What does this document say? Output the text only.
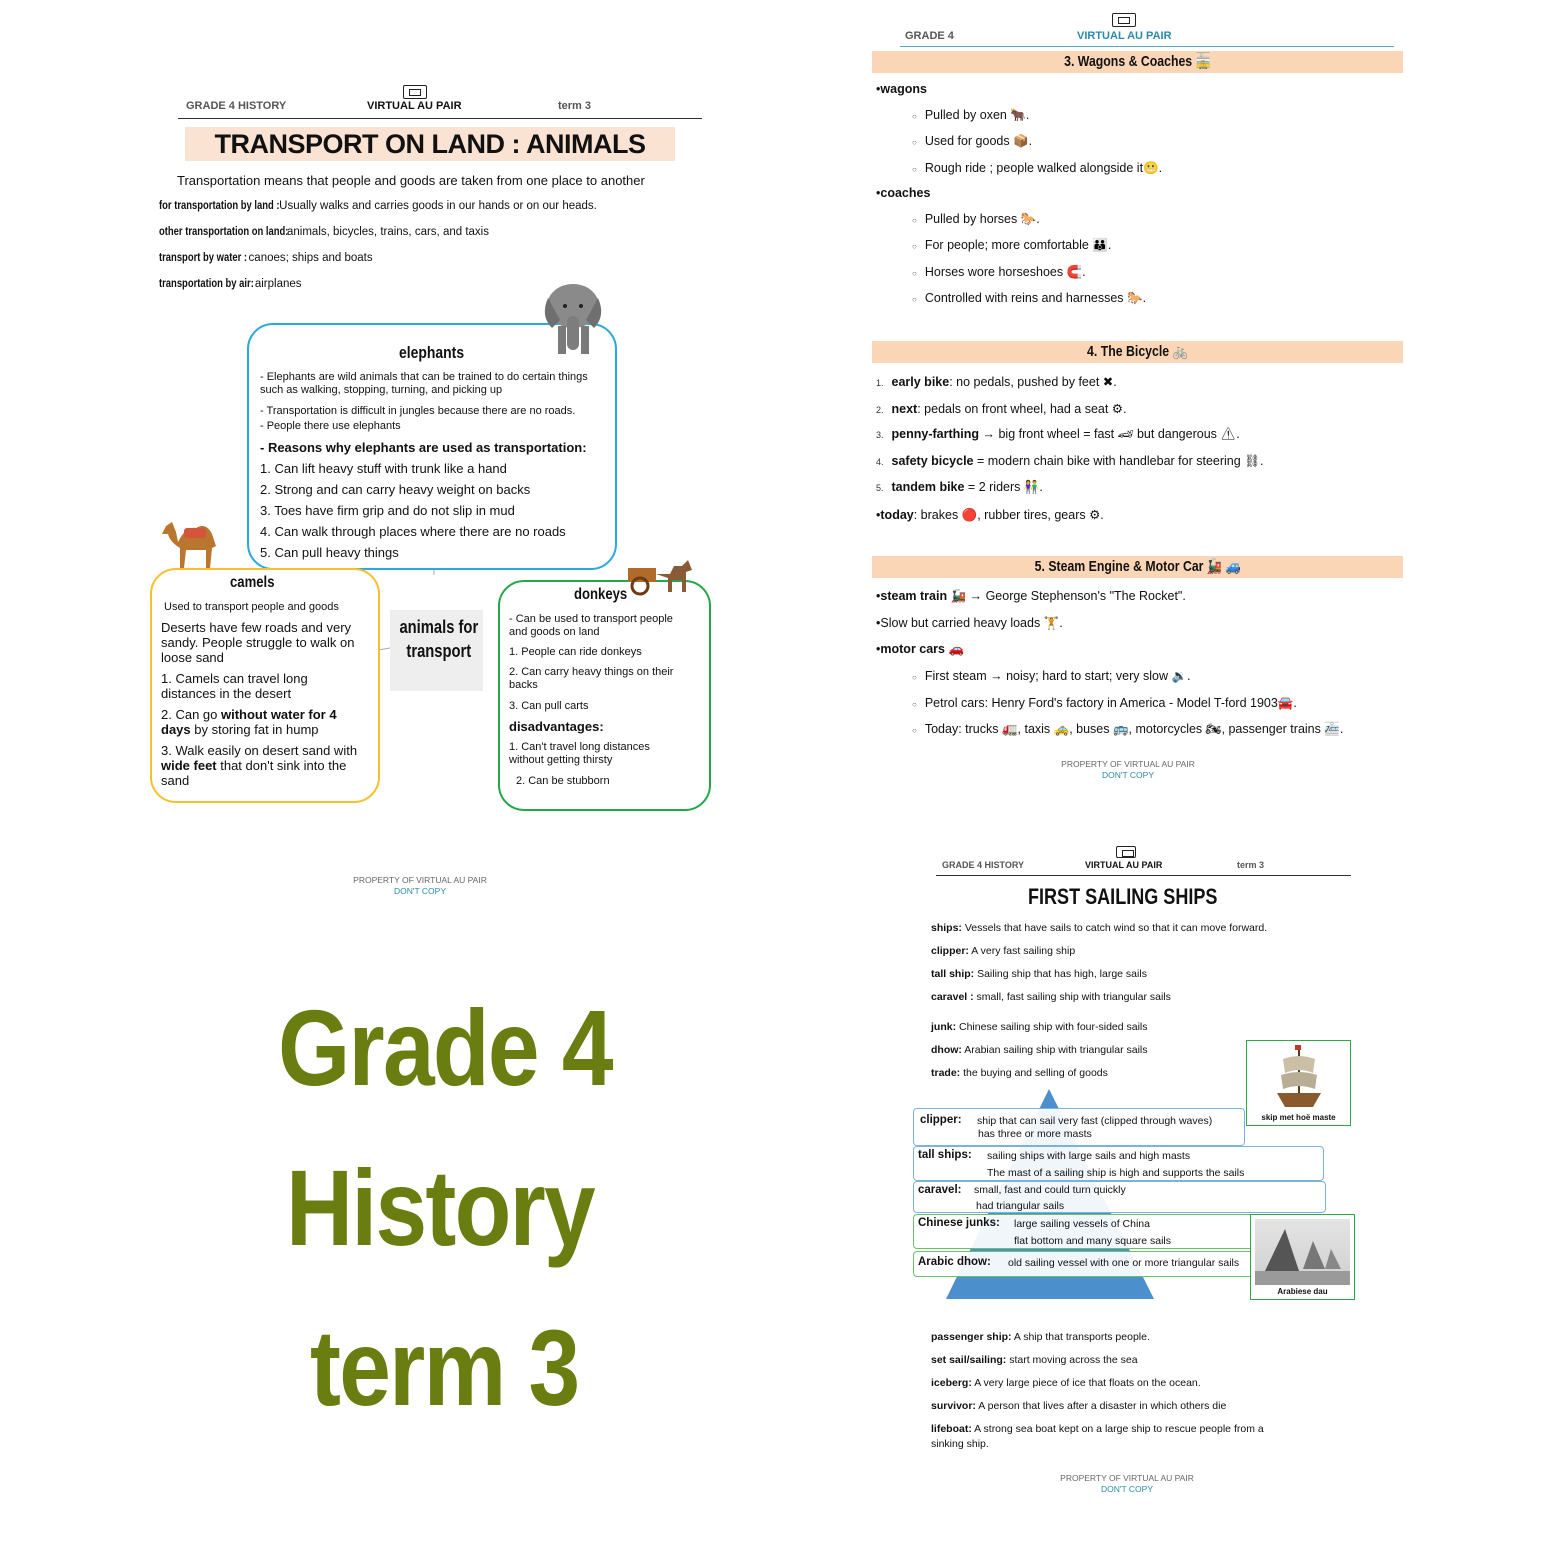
GRADE 4 HISTORY	VIRTUAL AU PAIR	term 3
TRANSPORT ON LAND : ANIMALS
Transportation means that people and goods are taken from one place to another
for transportation by land : Usually walks and carries goods in our hands or on our heads.
other transportation on land: animals, bicycles, trains, cars, and taxis
transport by water : canoes; ships and boats
transportation by air: airplanes
elephants
- Elephants are wild animals that can be trained to do certain things such as walking, stopping, turning, and picking up
- Transportation is difficult in jungles because there are no roads.
- People there use elephants
- Reasons why elephants are used as transportation:
1. Can lift heavy stuff with trunk like a hand
2. Strong and can carry heavy weight on backs
3. Toes have firm grip and do not slip in mud
4. Can walk through places where there are no roads
5. Can pull heavy things
camels
Used to transport people and goods
Deserts have few roads and very sandy. People struggle to walk on loose sand
1. Camels can travel long distances in the desert
2. Can go without water for 4 days by storing fat in hump
3. Walk easily on desert sand with wide feet that don't sink into the sand
animals for transport
donkeys
- Can be used to transport people and goods on land
1. People can ride donkeys
2. Can carry heavy things on their backs
3. Can pull carts
disadvantages:
1. Can't travel long distances without getting thirsty
2. Can be stubborn
PROPERTY OF VIRTUAL AU PAIR
DON'T COPY
GRADE 4	VIRTUAL AU PAIR
3. Wagons & Coaches 🚋
•wagons
○ Pulled by oxen 🐂.
○ Used for goods 📦.
○ Rough ride ; people walked alongside it😬.
•coaches
○ Pulled by horses 🐎.
○ For people; more comfortable 👪.
○ Horses wore horseshoes 🧲.
○ Controlled with reins and harnesses 🐎.
4. The Bicycle 🚲
1. early bike: no pedals, pushed by feet ✖.
2. next: pedals on front wheel, had a seat ⚙.
3. penny-farthing → big front wheel = fast 🏎 but dangerous ⚠.
4. safety bicycle = modern chain bike with handlebar for steering ⛓.
5. tandem bike = 2 riders 👫.
•today: brakes 🔴, rubber tires, gears ⚙.
5. Steam Engine & Motor Car 🚂 🚙
•steam train 🚂 → George Stephenson's "The Rocket".
•Slow but carried heavy loads 🏋.
•motor cars 🚗
○ First steam → noisy; hard to start; very slow 🔉.
○ Petrol cars: Henry Ford's factory in America - Model T-ford 1903🚘.
○ Today: trucks 🚛, taxis 🚕, buses 🚌, motorcycles 🏍, passenger trains 🚈.
PROPERTY OF VIRTUAL AU PAIR
DON'T COPY
Grade 4
History
term 3
GRADE 4 HISTORY	VIRTUAL AU PAIR	term 3
FIRST SAILING SHIPS
ships: Vessels that have sails to catch wind so that it can move forward.
clipper: A very fast sailing ship
tall ship: Sailing ship that has high, large sails
caravel : small, fast sailing ship with triangular sails
junk: Chinese sailing ship with four-sided sails
dhow: Arabian sailing ship with triangular sails
trade: the buying and selling of goods
clipper: ship that can sail very fast (clipped through waves)
has three or more masts
tall ships: sailing ships with large sails and high masts
The mast of a sailing ship is high and supports the sails
caravel: small, fast and could turn quickly
had triangular sails
Chinese junks: large sailing vessels of China
flat bottom and many square sails
Arabic dhow: old sailing vessel with one or more triangular sails
skip met hoë maste
Arabiese dau
passenger ship: A ship that transports people.
set sail/sailing: start moving across the sea
iceberg: A very large piece of ice that floats on the ocean.
survivor: A person that lives after a disaster in which others die
lifeboat: A strong sea boat kept on a large ship to rescue people from a
sinking ship.
PROPERTY OF VIRTUAL AU PAIR
DON'T COPY
